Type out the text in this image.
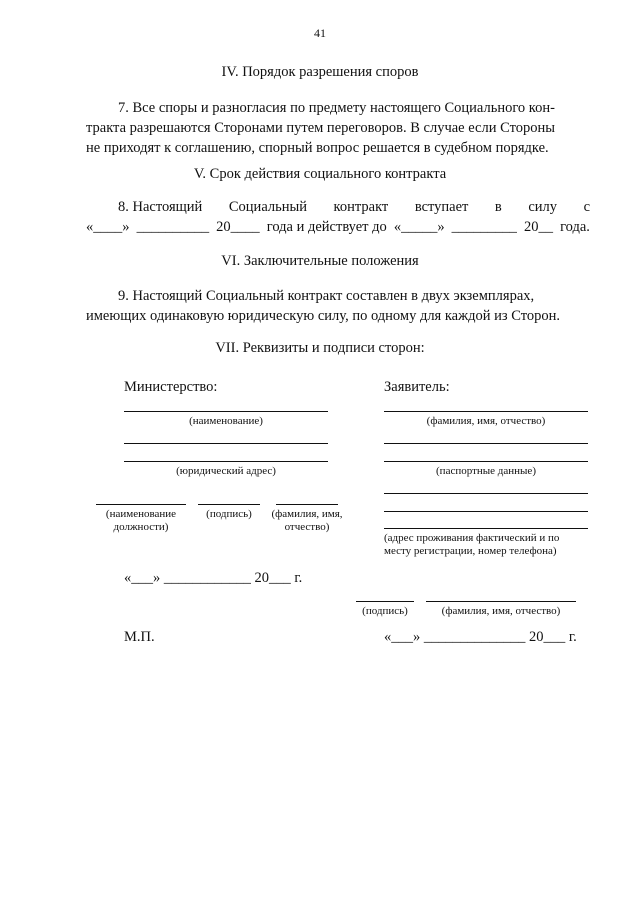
41
IV. Порядок разрешения споров

7. Все споры и разногласия по предмету настоящего Социального кон-

тракта разрешаются Сторонами путем переговоров. В случае если Стороны

не приходят к соглашению, спорный вопрос решается в судебном порядке.

V. Срок действия социального контракта
8. Настоящий Социальный контракт вступает в силу с
«____» __________ 20____ года и действует до «_____» _________ 20__ года.
VI. Заключительные положения

9. Настоящий Социальный контракт составлен в двух экземплярах,

имеющих одинаковую юридическую силу, по одному для каждой из Сторон.

VII. Реквизиты и подписи сторон:
Министерство:
(наименование)
(юридический адрес)
(наименование
должности)
(подпись)	(фамилия, имя,
отчество)
«___» ____________ 20___ г.
М.П.
Заявитель:
(фамилия, имя, отчество)
(паспортные данные)
(адрес проживания фактический и по
месту регистрации, номер телефона)
(подпись)	(фамилия, имя, отчество)
«___» ______________ 20___ г.
